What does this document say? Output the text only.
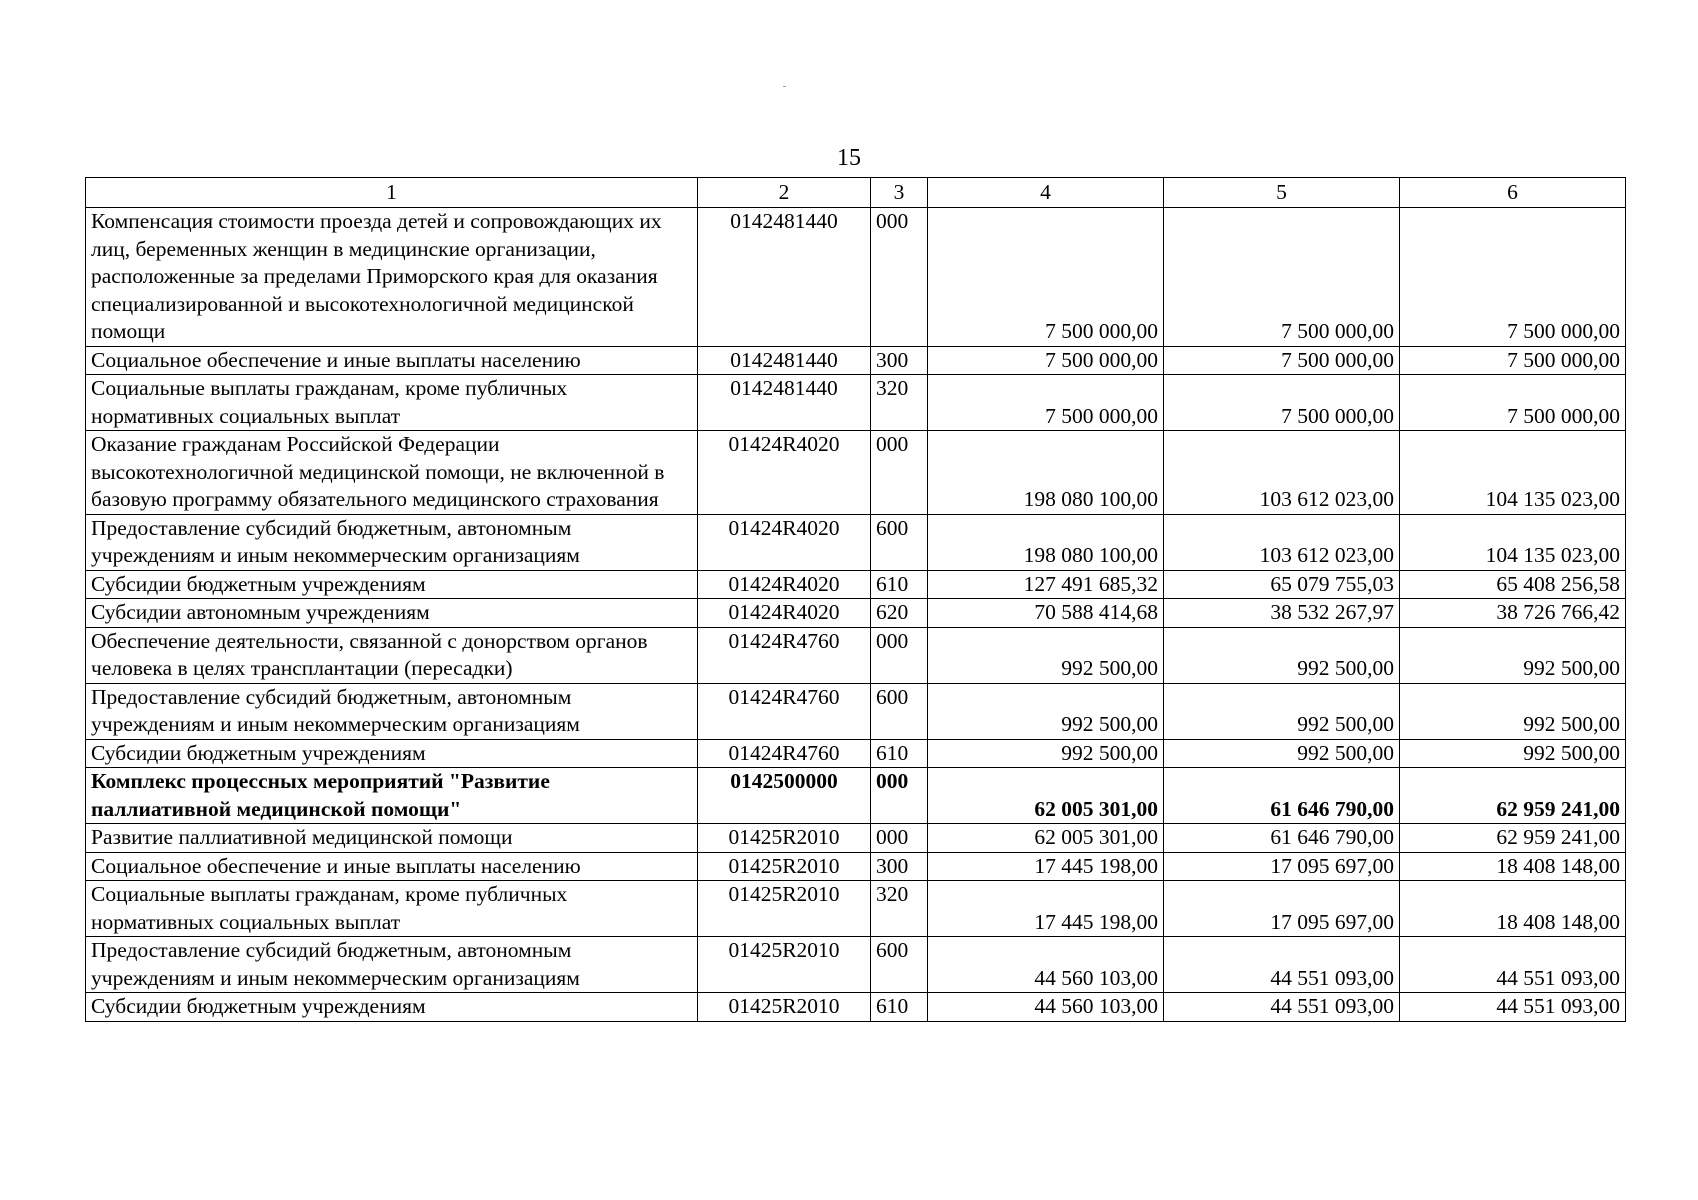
15
1	2	3	4	5	6
Компенсация стоимости проезда детей и сопровождающих их лиц, беременных женщин в медицинские организации, расположенные за пределами Приморского края для оказания специализированной и высокотехнологичной медицинской помощи	0142481440	000	7 500 000,00	7 500 000,00	7 500 000,00
Социальное обеспечение и иные выплаты населению	0142481440	300	7 500 000,00	7 500 000,00	7 500 000,00
Социальные выплаты гражданам, кроме публичных нормативных социальных выплат	0142481440	320	7 500 000,00	7 500 000,00	7 500 000,00
Оказание гражданам Российской Федерации высокотехнологичной медицинской помощи, не включенной в базовую программу обязательного медицинского страхования	01424R4020	000	198 080 100,00	103 612 023,00	104 135 023,00
Предоставление субсидий бюджетным, автономным учреждениям и иным некоммерческим организациям	01424R4020	600	198 080 100,00	103 612 023,00	104 135 023,00
Субсидии бюджетным учреждениям	01424R4020	610	127 491 685,32	65 079 755,03	65 408 256,58
Субсидии автономным учреждениям	01424R4020	620	70 588 414,68	38 532 267,97	38 726 766,42
Обеспечение деятельности, связанной с донорством органов человека в целях трансплантации (пересадки)	01424R4760	000	992 500,00	992 500,00	992 500,00
Предоставление субсидий бюджетным, автономным учреждениям и иным некоммерческим организациям	01424R4760	600	992 500,00	992 500,00	992 500,00
Субсидии бюджетным учреждениям	01424R4760	610	992 500,00	992 500,00	992 500,00
Комплекс процессных мероприятий "Развитие паллиативной медицинской помощи"	0142500000	000	62 005 301,00	61 646 790,00	62 959 241,00
Развитие паллиативной медицинской помощи	01425R2010	000	62 005 301,00	61 646 790,00	62 959 241,00
Социальное обеспечение и иные выплаты населению	01425R2010	300	17 445 198,00	17 095 697,00	18 408 148,00
Социальные выплаты гражданам, кроме публичных нормативных социальных выплат	01425R2010	320	17 445 198,00	17 095 697,00	18 408 148,00
Предоставление субсидий бюджетным, автономным учреждениям и иным некоммерческим организациям	01425R2010	600	44 560 103,00	44 551 093,00	44 551 093,00
Субсидии бюджетным учреждениям	01425R2010	610	44 560 103,00	44 551 093,00	44 551 093,00
